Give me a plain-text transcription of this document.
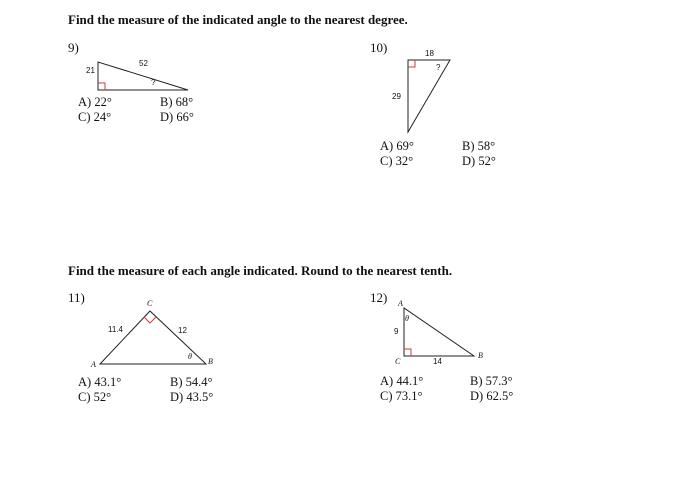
Find the measure of the indicated angle to the nearest degree.
9)
21
52
?
A) 22°	B) 68°
C) 24°	D) 66°
10)	18
?
29
A) 69°	B) 58°
C) 32°	D) 52°
Find the measure of each angle indicated. Round to the nearest tenth.
11)	C
A	B
11.4	12
θ
A) 43.1°	B) 54.4°
C) 52°	D) 43.5°
12) A
C
B
θ
9
14
A) 44.1°	B) 57.3°
C) 73.1°	D) 62.5°
